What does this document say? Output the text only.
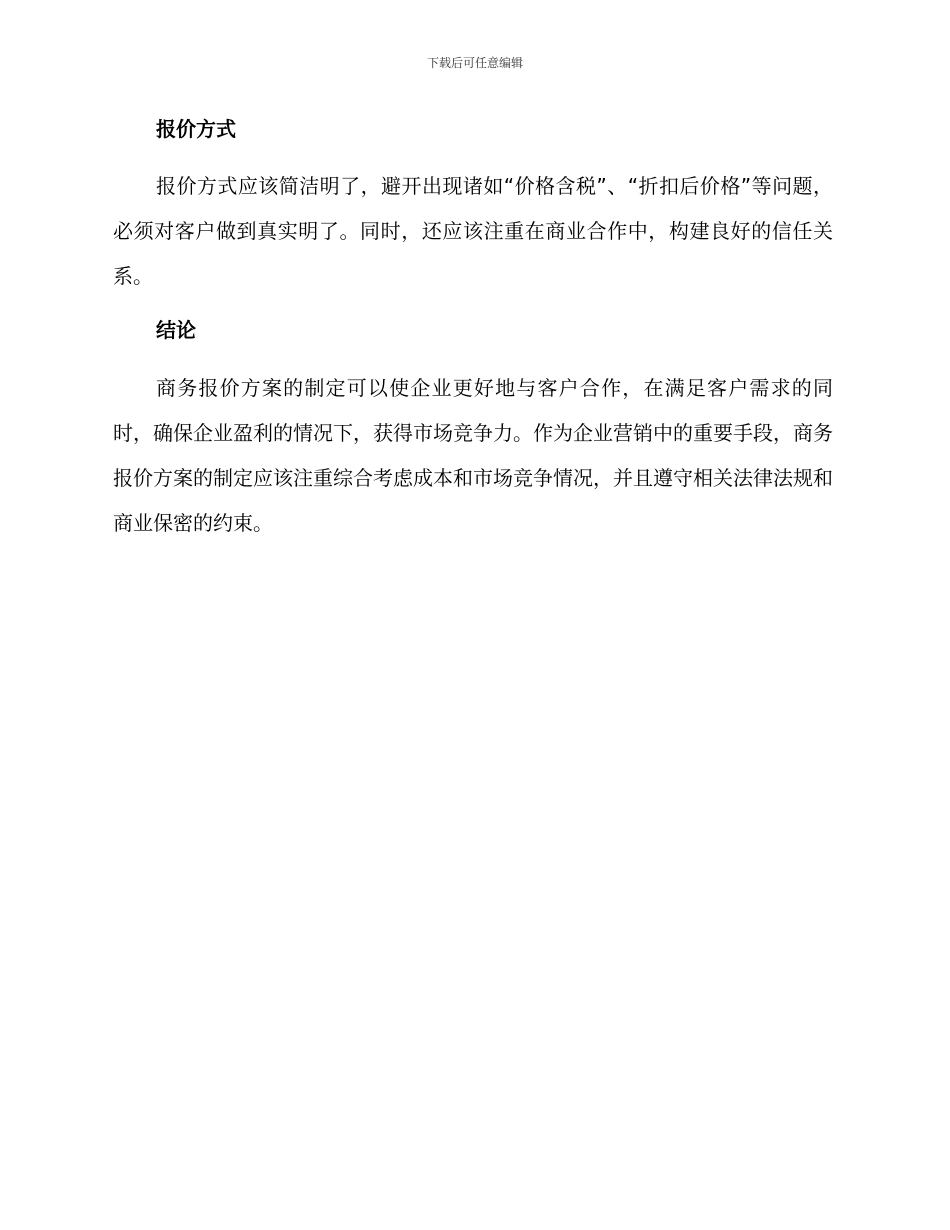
下载后可任意编辑
报价方式

报价方式应该简洁明了，避开出现诸如“价格含税”、“折扣后价格”等问题，必须对客户做到真实明了。同时，还应该注重在商业合作中，构建良好的信任关系。

结论

商务报价方案的制定可以使企业更好地与客户合作，在满足客户需求的同时，确保企业盈利的情况下，获得市场竞争力。作为企业营销中的重要手段，商务报价方案的制定应该注重综合考虑成本和市场竞争情况，并且遵守相关法律法规和商业保密的约束。
